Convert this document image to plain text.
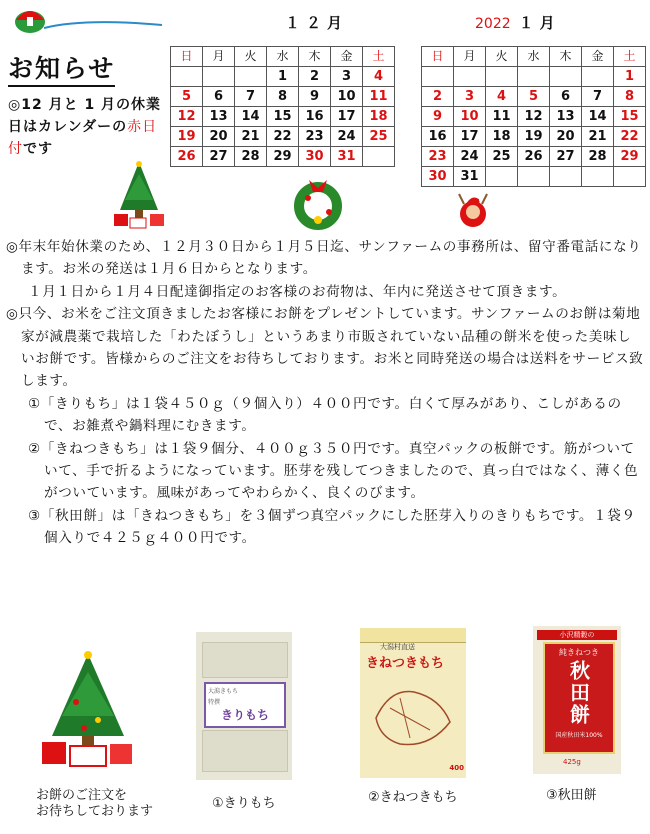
お知らせ
◎12 月と 1 月の休業日はカレンダーの赤日付です
１２月
日	月	火	水	木	金	土
			1	2	3	4
5	6	7	8	9	10	11
12	13	14	15	16	17	18
19	20	21	22	23	24	25
26	27	28	29	30	31	
2022 １月
日	月	火	水	木	金	土
						1
2	3	4	5	6	7	8
9	10	11	12	13	14	15
16	17	18	19	20	21	22
23	24	25	26	27	28	29
30	31					

◎年末年始休業のため、１２月３０日から１月５日迄、サンファームの事務所は、留守番電話になります。お米の発送は１月６日からとなります。

１月１日から１月４日配達御指定のお客様のお荷物は、年内に発送させて頂きます。

◎只今、お米をご注文頂きましたお客様にお餅をプレゼントしています。サンファームのお餅は菊地家が減農薬で栽培した「わたぼうし」というあまり市販されていない品種の餅米を使った美味しいお餅です。皆様からのご注文をお待ちしております。お米と同時発送の場合は送料をサービス致します。

①「きりもち」は１袋４５０ｇ（９個入り）４００円です。白くて厚みがあり、こしがあるので、お雑煮や鍋料理にむきます。

②「きねつきもち」は１袋９個分、４００ｇ３５０円です。真空パックの板餅です。筋がついていて、手で折るようになっています。胚芽を残してつきましたので、真っ白ではなく、薄く色がついています。風味があってやわらかく、良くのびます。

③「秋田餅」は「きねつきもち」を３個ずつ真空パックにした胚芽入りのきりもちです。１袋９個入りで４２５ｇ４００円です。

お餅のご注文を
お待ちしております
大潟きもち
特撰
きりもち
①きりもち
大潟村直送
きねつきもち
400
②きねつきもち
小沢精穀の
純きねつき
秋田餅
国産秋田米100%
425g
③秋田餅
